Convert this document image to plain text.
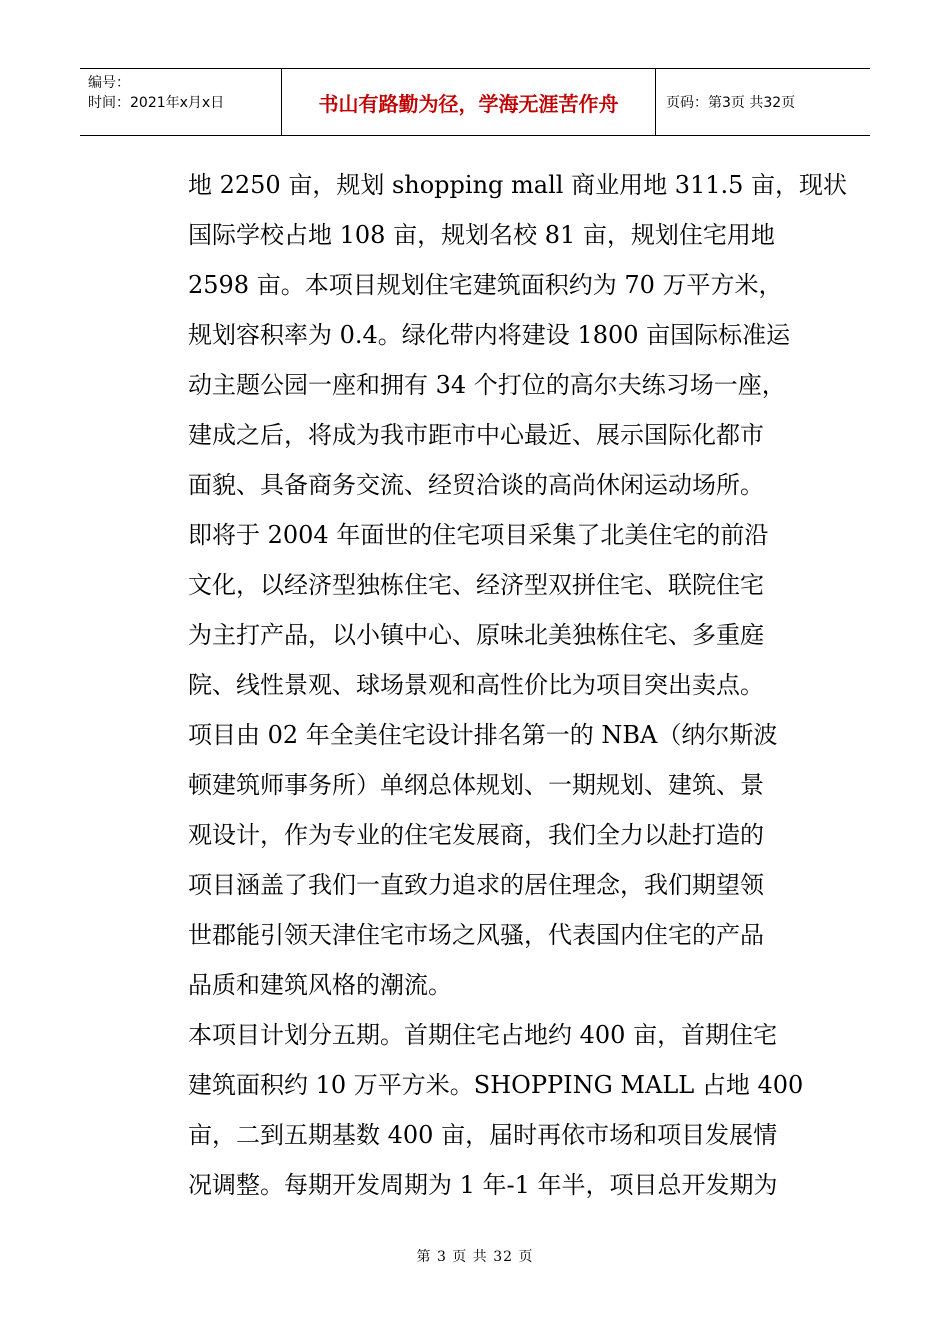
编号：
时间：2021年x月x日	书山有路勤为径，学海无涯苦作舟	页码：第3页 共32页
地 2250 亩，规划 shopping mall 商业用地 311.5 亩，现状
国际学校占地 108 亩，规划名校 81 亩，规划住宅用地
2598 亩。本项目规划住宅建筑面积约为 70 万平方米，
规划容积率为 0.4。绿化带内将建设 1800 亩国际标准运
动主题公园一座和拥有 34 个打位的高尔夫练习场一座，
建成之后，将成为我市距市中心最近、展示国际化都市
面貌、具备商务交流、经贸洽谈的高尚休闲运动场所。
即将于 2004 年面世的住宅项目采集了北美住宅的前沿
文化，以经济型独栋住宅、经济型双拼住宅、联院住宅
为主打产品，以小镇中心、原味北美独栋住宅、多重庭
院、线性景观、球场景观和高性价比为项目突出卖点。
项目由 02 年全美住宅设计排名第一的 NBA（纳尔斯波
顿建筑师事务所）单纲总体规划、一期规划、建筑、景
观设计，作为专业的住宅发展商，我们全力以赴打造的
项目涵盖了我们一直致力追求的居住理念，我们期望领
世郡能引领天津住宅市场之风骚，代表国内住宅的产品
品质和建筑风格的潮流。
本项目计划分五期。首期住宅占地约 400 亩，首期住宅
建筑面积约 10 万平方米。SHOPPING MALL 占地 400
亩，二到五期基数 400 亩，届时再依市场和项目发展情
况调整。每期开发周期为 1 年-1 年半，项目总开发期为
第 3 页 共 32 页
